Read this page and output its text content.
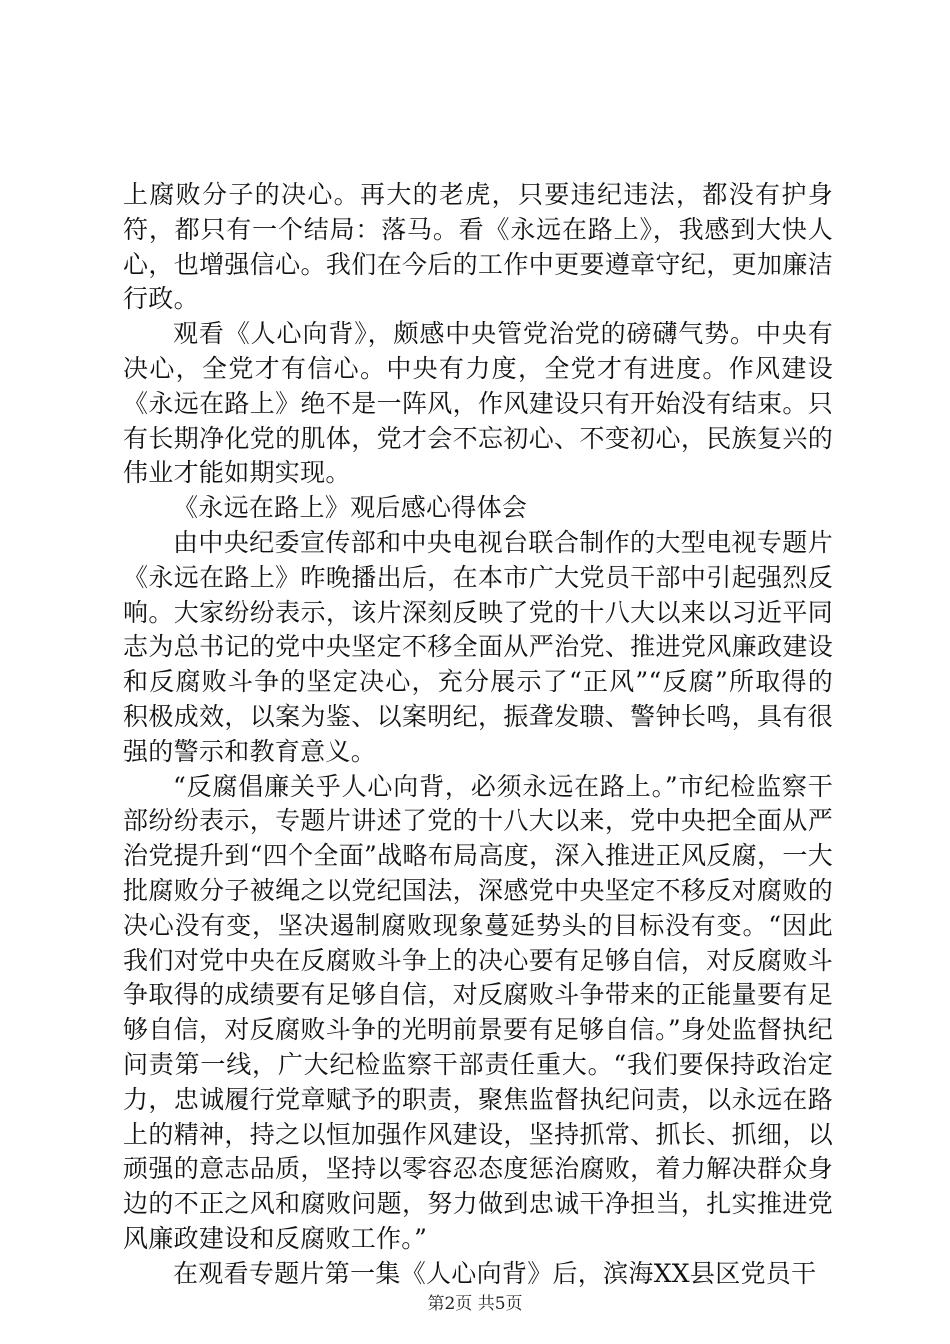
上腐败分子的决心。再大的老虎，只要违纪违法，都没有护身符，都只有一个结局：落马。看《永远在路上》，我感到大快人心，也增强信心。我们在今后的工作中更要遵章守纪，更加廉洁行政。

观看《人心向背》，颇感中央管党治党的磅礴气势。中央有决心，全党才有信心。中央有力度，全党才有进度。作风建设《永远在路上》绝不是一阵风，作风建设只有开始没有结束。只有长期净化党的肌体，党才会不忘初心、不变初心，民族复兴的伟业才能如期实现。

《永远在路上》观后感心得体会

由中央纪委宣传部和中央电视台联合制作的大型电视专题片《永远在路上》昨晚播出后，在本市广大党员干部中引起强烈反响。大家纷纷表示，该片深刻反映了党的十八大以来以习近平同志为总书记的党中央坚定不移全面从严治党、推进党风廉政建设和反腐败斗争的坚定决心，充分展示了“正风”“反腐”所取得的积极成效，以案为鉴、以案明纪，振聋发聩、警钟长鸣，具有很强的警示和教育意义。

“反腐倡廉关乎人心向背，必须永远在路上。”市纪检监察干部纷纷表示，专题片讲述了党的十八大以来，党中央把全面从严治党提升到“四个全面”战略布局高度，深入推进正风反腐，一大批腐败分子被绳之以党纪国法，深感党中央坚定不移反对腐败的决心没有变，坚决遏制腐败现象蔓延势头的目标没有变。“因此我们对党中央在反腐败斗争上的决心要有足够自信，对反腐败斗争取得的成绩要有足够自信，对反腐败斗争带来的正能量要有足够自信，对反腐败斗争的光明前景要有足够自信。”身处监督执纪问责第一线，广大纪检监察干部责任重大。“我们要保持政治定力，忠诚履行党章赋予的职责，聚焦监督执纪问责，以永远在路上的精神，持之以恒加强作风建设，坚持抓常、抓长、抓细，以顽强的意志品质，坚持以零容忍态度惩治腐败，着力解决群众身边的不正之风和腐败问题，努力做到忠诚干净担当，扎实推进党风廉政建设和反腐败工作。”

在观看专题片第一集《人心向背》后，滨海XX县区党员干

第2页 共5页
